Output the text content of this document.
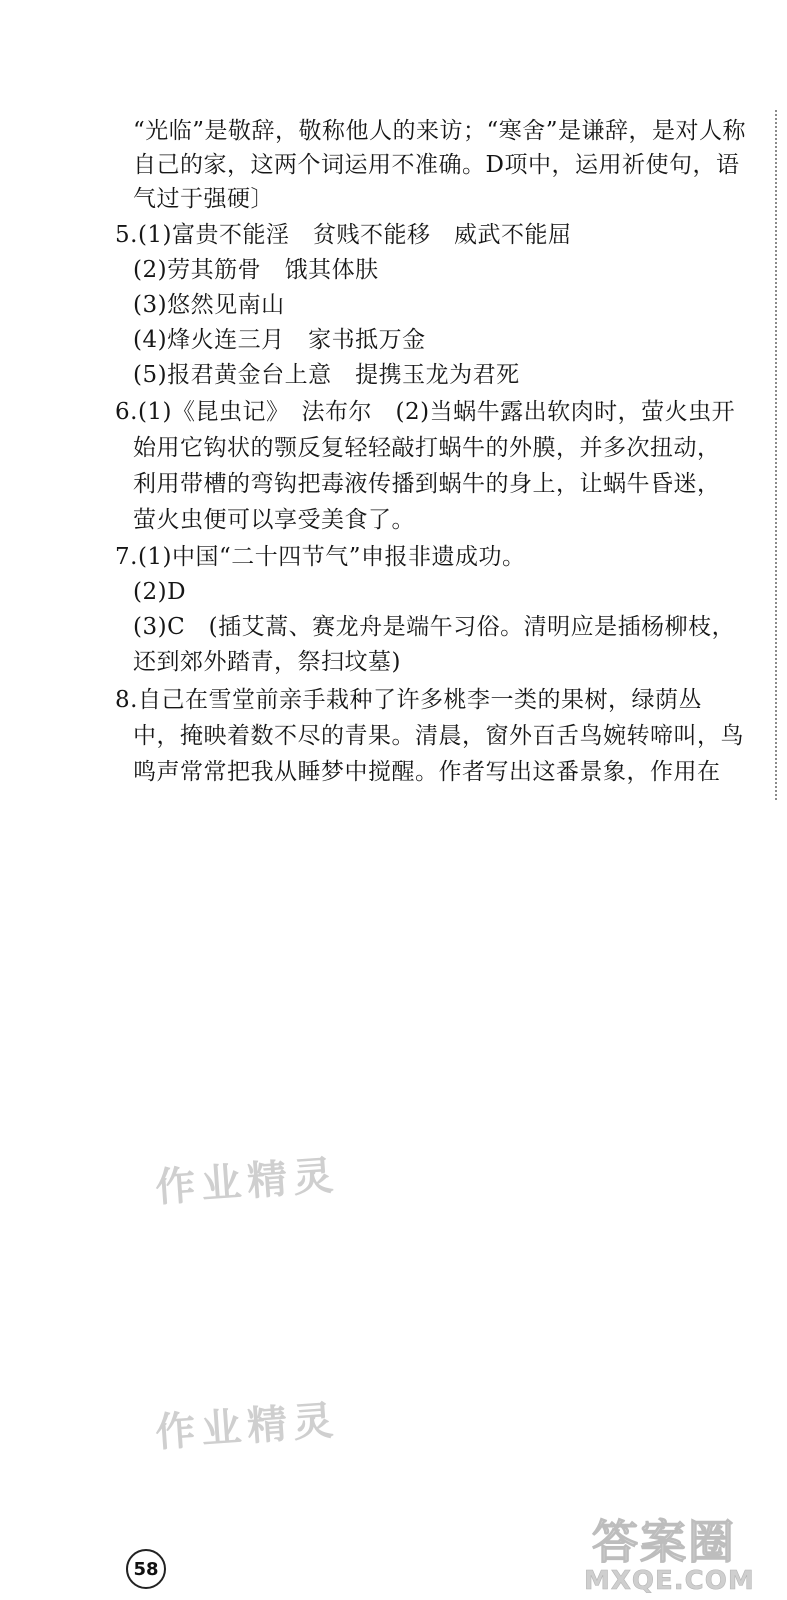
“光临”是敬辞，敬称他人的来访；“寒舍”是谦辞，是对人称
自己的家，这两个词运用不准确。D项中，运用祈使句，语
气过于强硬〕
5.(1)富贵不能淫　贫贱不能移　威武不能屈
(2)劳其筋骨　饿其体肤
(3)悠然见南山
(4)烽火连三月　家书抵万金
(5)报君黄金台上意　提携玉龙为君死
6.(1)《昆虫记》　法布尔　(2)当蜗牛露出软肉时，萤火虫开
始用它钩状的颚反复轻轻敲打蜗牛的外膜，并多次扭动，
利用带槽的弯钩把毒液传播到蜗牛的身上，让蜗牛昏迷，
萤火虫便可以享受美食了。
7.(1)中国“二十四节气”申报非遗成功。
(2)D
(3)C　(插艾蒿、赛龙舟是端午习俗。清明应是插杨柳枝，
还到郊外踏青，祭扫坟墓)
8.自己在雪堂前亲手栽种了许多桃李一类的果树，绿荫丛
中，掩映着数不尽的青果。清晨，窗外百舌鸟婉转啼叫，鸟
鸣声常常把我从睡梦中搅醒。作者写出这番景象，作用在
作业精灵
作业精灵
58	答案圈
MXQE.COM
